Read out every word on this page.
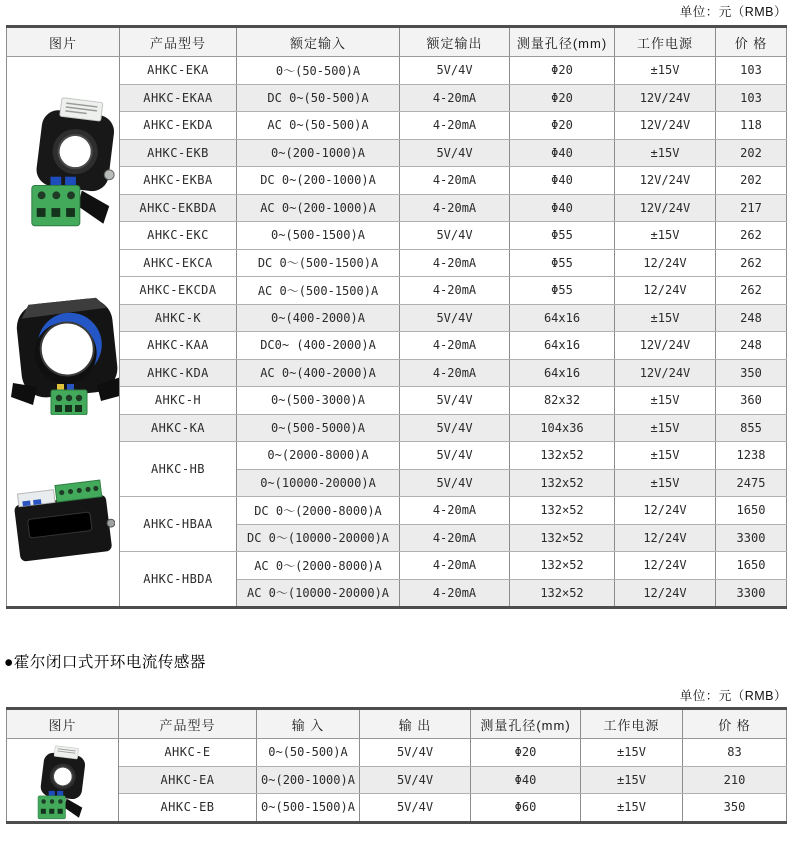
单位：元（RMB）
图片	产品型号	额定输入	额定输出	测量孔径(mm)	工作电源	价 格

	AHKC-EKA	0～(50-500)A	5V/4V	Φ20	±15V	103
	AHKC-EKAA	DC 0~(50-500)A	4-20mA	Φ20	12V/24V	103
	AHKC-EKDA	AC 0~(50-500)A	4-20mA	Φ20	12V/24V	118
	AHKC-EKB	0~(200-1000)A	5V/4V	Φ40	±15V	202
	AHKC-EKBA	DC 0~(200-1000)A	4-20mA	Φ40	12V/24V	202
	AHKC-EKBDA	AC 0~(200-1000)A	4-20mA	Φ40	12V/24V	217
	AHKC-EKC	0~(500-1500)A	5V/4V	Φ55	±15V	262
	AHKC-EKCA	DC 0～(500-1500)A	4-20mA	Φ55	12/24V	262
	AHKC-EKCDA	AC 0～(500-1500)A	4-20mA	Φ55	12/24V	262
	AHKC-K	0~(400-2000)A	5V/4V	64x16	±15V	248
	AHKC-KAA	DC0~ (400-2000)A	4-20mA	64x16	12V/24V	248
	AHKC-KDA	AC 0~(400-2000)A	4-20mA	64x16	12V/24V	350
	AHKC-H	0~(500-3000)A	5V/4V	82x32	±15V	360
	AHKC-KA	0~(500-5000)A	5V/4V	104x36	±15V	855
	AHKC-HB	0~(2000-8000)A	5V/4V	132x52	±15V	1238
		0~(10000-20000)A	5V/4V	132x52	±15V	2475
	AHKC-HBAA	DC 0～(2000-8000)A	4-20mA	132×52	12/24V	1650
		DC 0～(10000-20000)A	4-20mA	132×52	12/24V	3300
	AHKC-HBDA	AC 0～(2000-8000)A	4-20mA	132×52	12/24V	1650
		AC 0～(10000-20000)A	4-20mA	132×52	12/24V	3300
●霍尔闭口式开环电流传感器
单位：元（RMB）
图片	产品型号	输 入	输 出	测量孔径(mm)	工作电源	价 格

	AHKC-E	0~(50-500)A	5V/4V	Φ20	±15V	83
	AHKC-EA	0~(200-1000)A	5V/4V	Φ40	±15V	210
	AHKC-EB	0~(500-1500)A	5V/4V	Φ60	±15V	350
